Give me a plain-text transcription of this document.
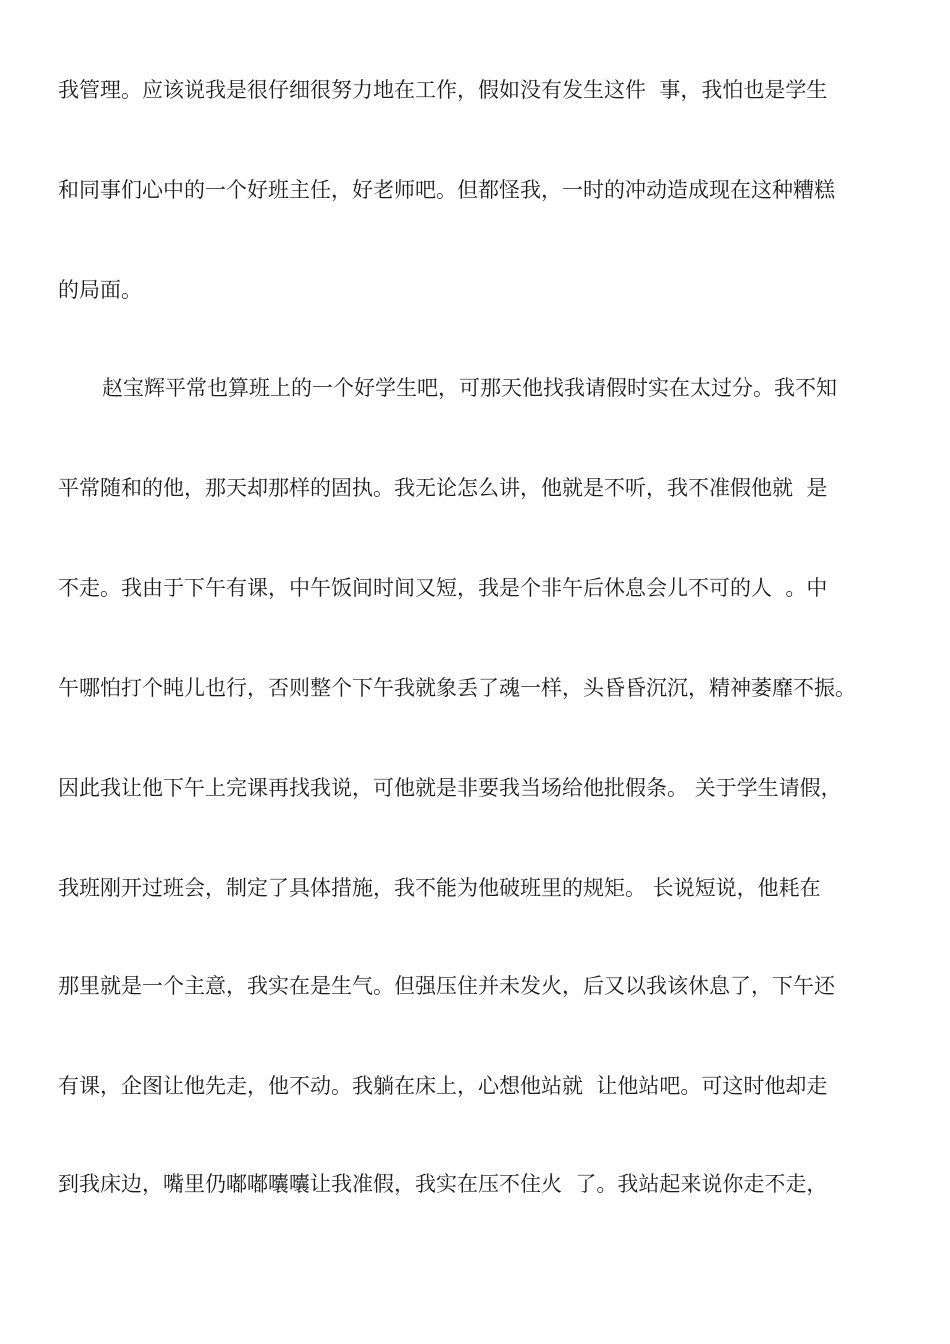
我管理。应该说我是很仔细很努力地在工作，假如没有发生这件  事，我怕也是学生
和同事们心中的一个好班主任，好老师吧。但都怪我，一时的冲动造成现在这种糟糕
的局面。
赵宝辉平常也算班上的一个好学生吧，可那天他找我请假时实在太过分。我不知
平常随和的他，那天却那样的固执。我无论怎么讲，他就是不听，我不准假他就  是
不走。我由于下午有课，中午饭间时间又短，我是个非午后休息会儿不可的人  。中
午哪怕打个盹儿也行，否则整个下午我就象丢了魂一样，头昏昏沉沉，精神萎靡不振。
因此我让他下午上完课再找我说，可他就是非要我当场给他批假条。 关于学生请假，
我班刚开过班会，制定了具体措施，我不能为他破班里的规矩。 长说短说，他耗在
那里就是一个主意，我实在是生气。但强压住并未发火，后又以我该休息了，下午还
有课，企图让他先走，他不动。我躺在床上，心想他站就  让他站吧。可这时他却走
到我床边，嘴里仍嘟嘟囔囔让我准假，我实在压不住火  了。我站起来说你走不走，
